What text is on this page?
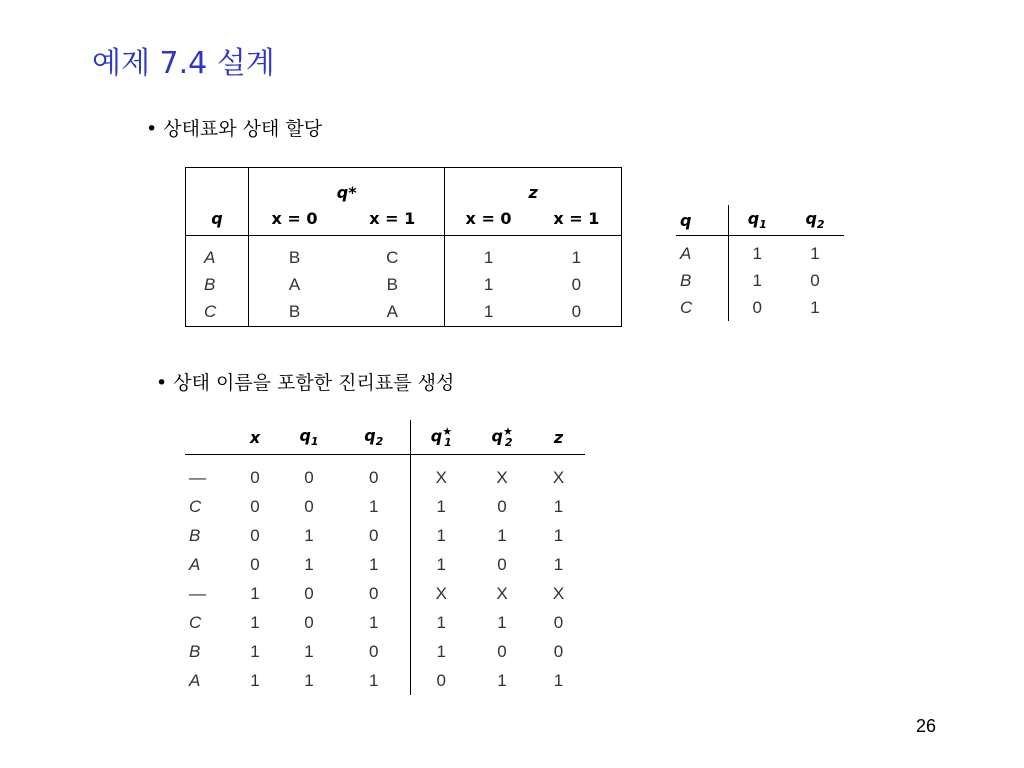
예제 7.4 설계
• 상태표와 상태 할당
	q*		z	
q	x = 0	x = 1	x = 0	x = 1
A	B	C	1	1
B	A	B	1	0
C	B	A	1	0
q	$q_1$	$q_2$
A	1	1
B	1	0
C	0	1
• 상태 이름을 포함한 진리표를 생성
	x	$q_1$	$q_2$	$q^★_1$	$q^★_2$	z
—	0	0	0	X	X	X
C	0	0	1	1	0	1
B	0	1	0	1	1	1
A	0	1	1	1	0	1
—	1	0	0	X	X	X
C	1	0	1	1	1	0
B	1	1	0	1	0	0
A	1	1	1	0	1	1
26
